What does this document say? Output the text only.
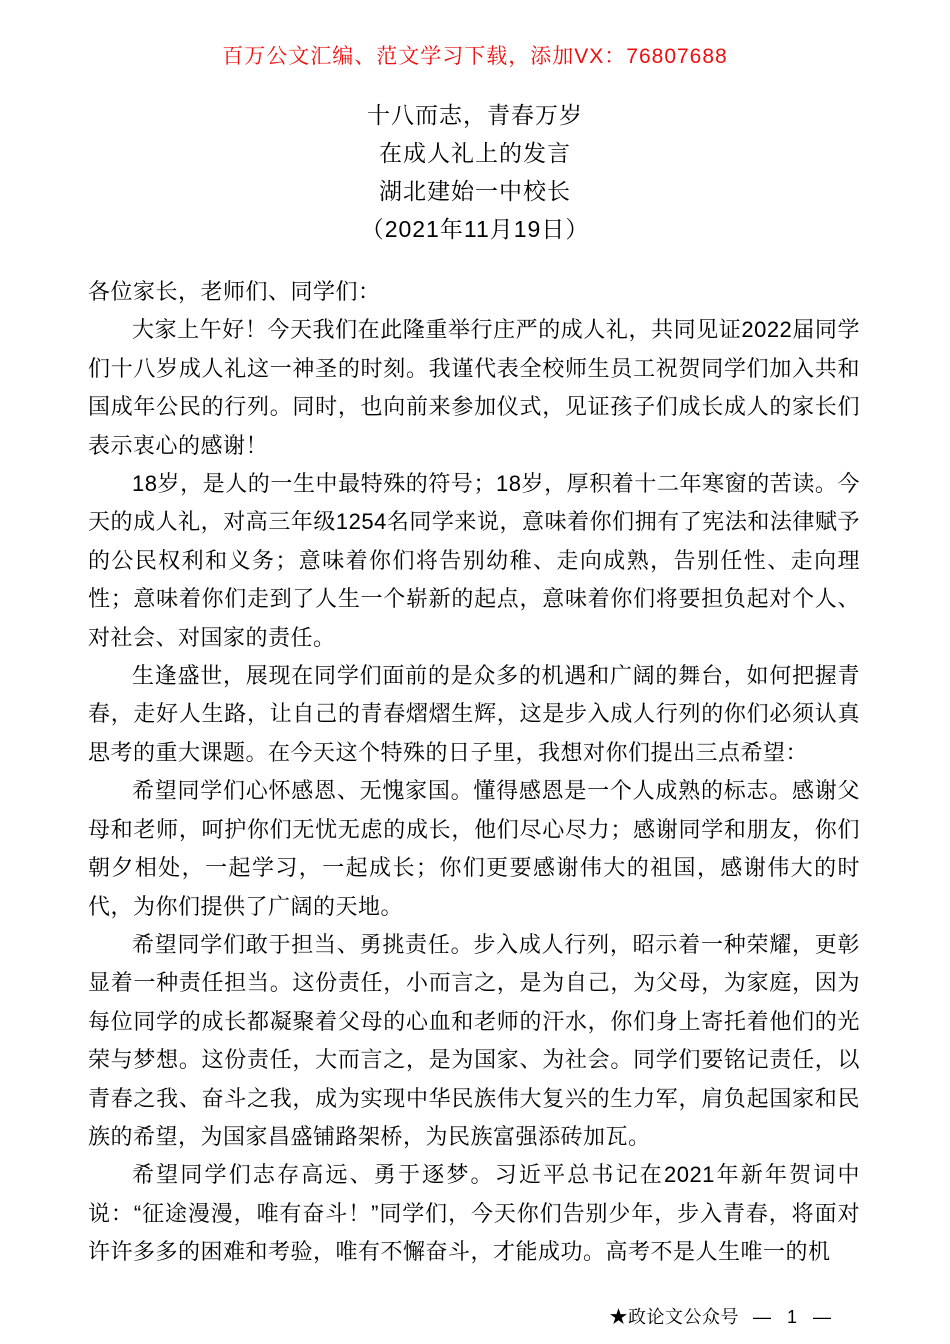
百万公文汇编、范文学习下载，添加VX：76807688
十八而志，青春万岁
在成人礼上的发言
湖北建始一中校长
（2021年11月19日）

各位家长，老师们、同学们：

大家上午好！今天我们在此隆重举行庄严的成人礼，共同见证2022届同学们十八岁成人礼这一神圣的时刻。我谨代表全校师生员工祝贺同学们加入共和国成年公民的行列。同时，也向前来参加仪式，见证孩子们成长成人的家长们表示衷心的感谢！

18岁，是人的一生中最特殊的符号；18岁，厚积着十二年寒窗的苦读。今天的成人礼，对高三年级1254名同学来说，意味着你们拥有了宪法和法律赋予的公民权利和义务；意味着你们将告别幼稚、走向成熟，告别任性、走向理性；意味着你们走到了人生一个崭新的起点，意味着你们将要担负起对个人、对社会、对国家的责任。

生逢盛世，展现在同学们面前的是众多的机遇和广阔的舞台，如何把握青春，走好人生路，让自己的青春熠熠生辉，这是步入成人行列的你们必须认真思考的重大课题。在今天这个特殊的日子里，我想对你们提出三点希望：

希望同学们心怀感恩、无愧家国。懂得感恩是一个人成熟的标志。感谢父母和老师，呵护你们无忧无虑的成长，他们尽心尽力；感谢同学和朋友，你们朝夕相处，一起学习，一起成长；你们更要感谢伟大的祖国，感谢伟大的时代，为你们提供了广阔的天地。

希望同学们敢于担当、勇挑责任。步入成人行列，昭示着一种荣耀，更彰显着一种责任担当。这份责任，小而言之，是为自己，为父母，为家庭，因为每位同学的成长都凝聚着父母的心血和老师的汗水，你们身上寄托着他们的光荣与梦想。这份责任，大而言之，是为国家、为社会。同学们要铭记责任，以青春之我、奋斗之我，成为实现中华民族伟大复兴的生力军，肩负起国家和民族的希望，为国家昌盛铺路架桥，为民族富强添砖加瓦。

希望同学们志存高远、勇于逐梦。习近平总书记在2021年新年贺词中说：“征途漫漫，唯有奋斗！”同学们，今天你们告别少年，步入青春，将面对许许多多的困难和考验，唯有不懈奋斗，才能成功。高考不是人生唯一的机

★政论文公众号 —  1  —
